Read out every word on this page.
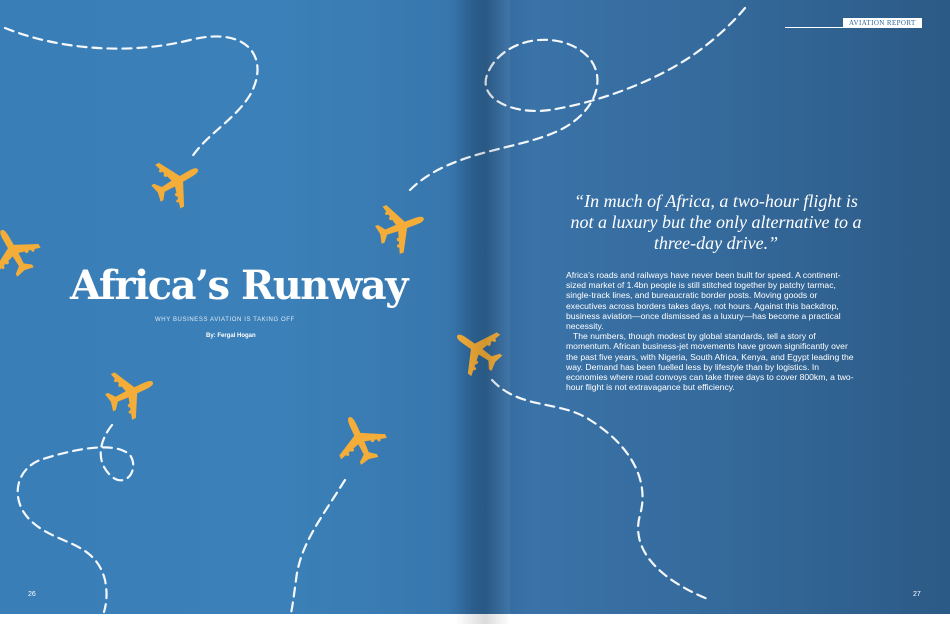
Africa’s Runway

WHY BUSINESS AVIATION IS TAKING OFF

By: Fergal Hogan

26

AVIATION REPORT

“In much of Africa, a two-hour flight is not a luxury but the only alternative to a three-day drive.”

Africa’s roads and railways have never been built for speed. A continent-sized market of 1.4bn people is still stitched together by patchy tarmac, single-track lines, and bureaucratic border posts. Moving goods or executives across borders takes days, not hours. Against this backdrop, business aviation—once dismissed as a luxury—has become a practical necessity.

The numbers, though modest by global standards, tell a story of momentum. African business-jet movements have grown significantly over the past five years, with Nigeria, South Africa, Kenya, and Egypt leading the way. Demand has been fuelled less by lifestyle than by logistics. In economies where road convoys can take three days to cover 800km, a two-hour flight is not extravagance but efficiency.

27
